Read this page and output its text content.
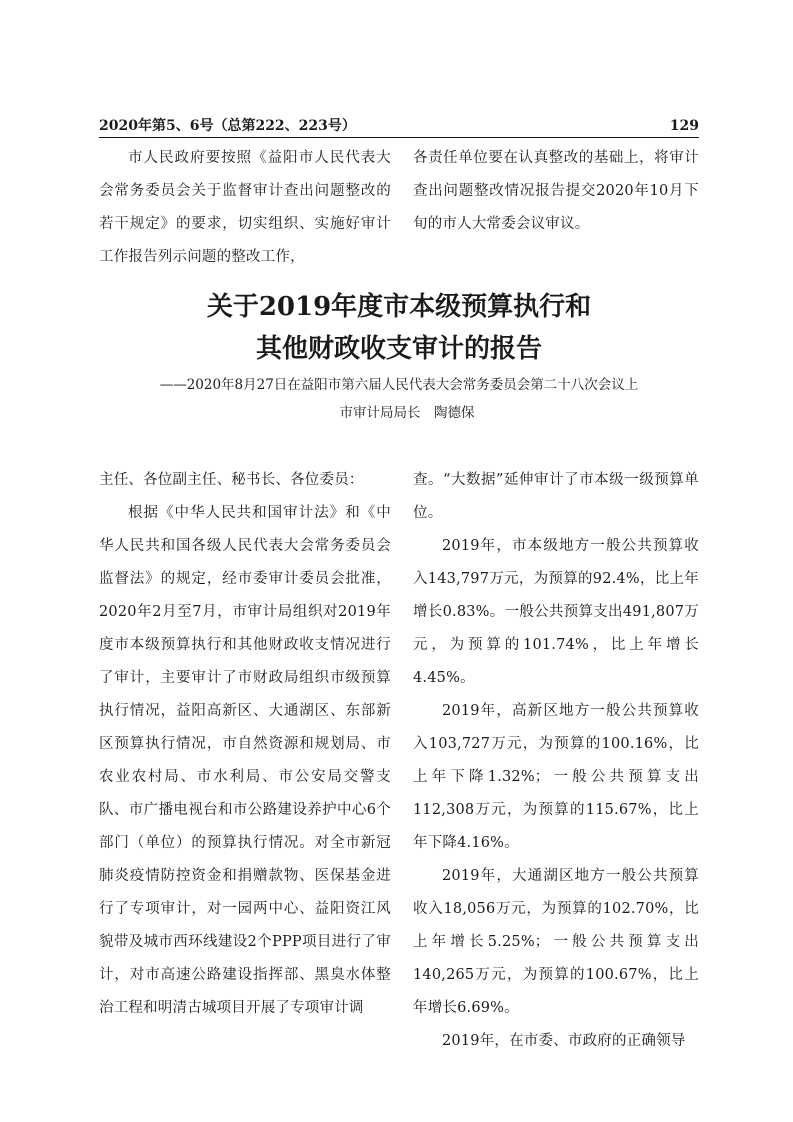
2020年第5、6号（总第222、223号）	129

市人民政府要按照《益阳市人民代表大会常务委员会关于监督审计查出问题整改的若干规定》的要求，切实组织、实施好审计工作报告列示问题的整改工作，

各责任单位要在认真整改的基础上，将审计查出问题整改情况报告提交2020年10月下旬的市人大常委会议审议。

关于2019年度市本级预算执行和
其他财政收支审计的报告
——2020年8月27日在益阳市第六届人民代表大会常务委员会第二十八次会议上
市审计局局长　陶德保

主任、各位副主任、秘书长、各位委员：

根据《中华人民共和国审计法》和《中华人民共和国各级人民代表大会常务委员会监督法》的规定，经市委审计委员会批准，2020年2月至7月，市审计局组织对2019年度市本级预算执行和其他财政收支情况进行了审计，主要审计了市财政局组织市级预算执行情况，益阳高新区、大通湖区、东部新区预算执行情况，市自然资源和规划局、市农业农村局、市水利局、市公安局交警支队、市广播电视台和市公路建设养护中心6个部门（单位）的预算执行情况。对全市新冠肺炎疫情防控资金和捐赠款物、医保基金进行了专项审计，对一园两中心、益阳资江风貌带及城市西环线建设2个PPP项目进行了审计，对市高速公路建设指挥部、黑臭水体整治工程和明清古城项目开展了专项审计调

查。“大数据”延伸审计了市本级一级预算单位。

2019年，市本级地方一般公共预算收入143,797万元，为预算的92.4%，比上年增长0.83%。一般公共预算支出491,807万元，为预算的101.74%，比上年增长4.45%。

2019年，高新区地方一般公共预算收入103,727万元，为预算的100.16%，比上年下降1.32%；一般公共预算支出112,308万元，为预算的115.67%，比上年下降4.16%。

2019年，大通湖区地方一般公共预算收入18,056万元，为预算的102.70%，比上年增长5.25%；一般公共预算支出140,265万元，为预算的100.67%，比上年增长6.69%。

2019年，在市委、市政府的正确领导
